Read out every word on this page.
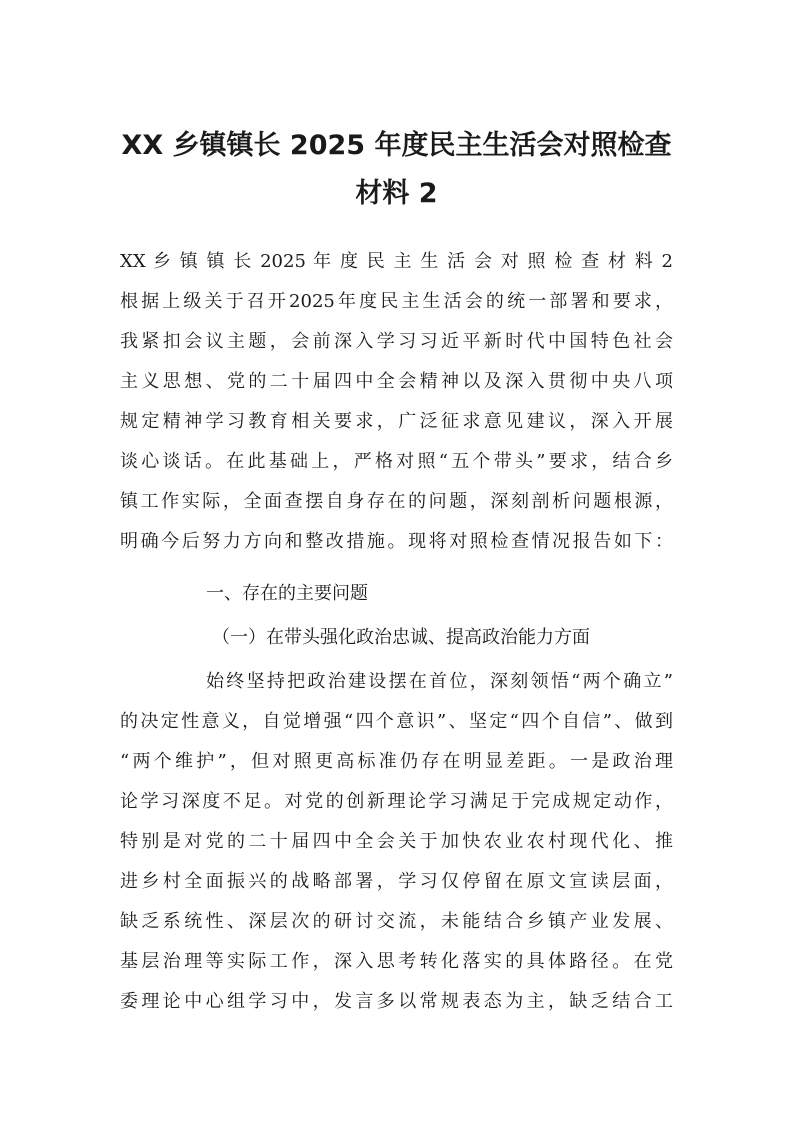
XX 乡镇镇长 2025 年度民主生活会对照检查
材料 2

XX 乡 镇 镇 长 2025 年 度 民 主 生 活 会 对 照 检 查 材 料 2

根据上级关于召开2025年度民主生活会的统一部署和要求，

我紧扣会议主题，会前深入学习习近平新时代中国特色社会

主义思想、党的二十届四中全会精神以及深入贯彻中央八项

规定精神学习教育相关要求，广泛征求意见建议，深入开展

谈心谈话。在此基础上，严格对照“五个带头”要求，结合乡

镇工作实际，全面查摆自身存在的问题，深刻剖析问题根源，

明确今后努力方向和整改措施。现将对照检查情况报告如下：

一、存在的主要问题

（一）在带头强化政治忠诚、提高政治能力方面

始终坚持把政治建设摆在首位，深刻领悟“两个确立”

的决定性意义，自觉增强“四个意识”、坚定“四个自信”、做到

“两个维护”，但对照更高标准仍存在明显差距。一是政治理

论学习深度不足。对党的创新理论学习满足于完成规定动作，

特别是对党的二十届四中全会关于加快农业农村现代化、推

进乡村全面振兴的战略部署，学习仅停留在原文宣读层面，

缺乏系统性、深层次的研讨交流，未能结合乡镇产业发展、

基层治理等实际工作，深入思考转化落实的具体路径。在党

委理论中心组学习中，发言多以常规表态为主，缺乏结合工
